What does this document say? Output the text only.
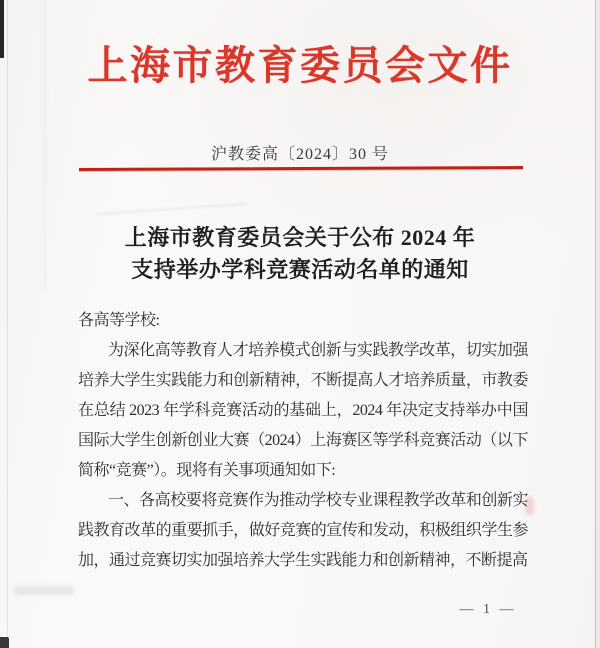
上海市教育委员会文件
沪教委高〔2024〕30 号
上海市教育委员会关于公布 2024 年
支持举办学科竞赛活动名单的通知
各高等学校:

为深化高等教育人才培养模式创新与实践教学改革，切实加强培养大学生实践能力和创新精神，不断提高人才培养质量，市教委在总结 2023 年学科竞赛活动的基础上，2024 年决定支持举办中国国际大学生创新创业大赛（2024）上海赛区等学科竞赛活动（以下简称“竞赛”）。现将有关事项通知如下:

一、各高校要将竞赛作为推动学校专业课程教学改革和创新实践教育改革的重要抓手，做好竞赛的宣传和发动，积极组织学生参加，通过竞赛切实加强培养大学生实践能力和创新精神，不断提高

— 1 —
